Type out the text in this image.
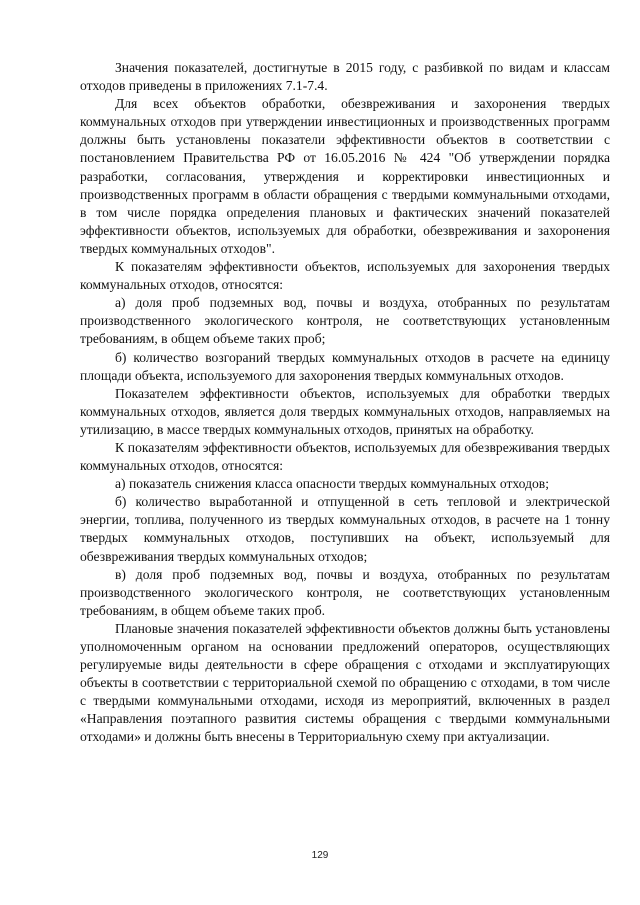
Значения показателей, достигнутые в 2015 году, с разбивкой по видам и классам отходов приведены в приложениях 7.1-7.4.

Для всех объектов обработки, обезвреживания и захоронения твердых коммунальных отходов при утверждении инвестиционных и производственных программ должны быть установлены показатели эффективности объектов в соответствии с постановлением Правительства РФ от 16.05.2016 № 424 "Об утверждении порядка разработки, согласования, утверждения и корректировки инвестиционных и производственных программ в области обращения с твердыми коммунальными отходами, в том числе порядка определения плановых и фактических значений показателей эффективности объектов, используемых для обработки, обезвреживания и захоронения твердых коммунальных отходов".

К показателям эффективности объектов, используемых для захоронения твердых коммунальных отходов, относятся:

а) доля проб подземных вод, почвы и воздуха, отобранных по результатам производственного экологического контроля, не соответствующих установленным требованиям, в общем объеме таких проб;

б) количество возгораний твердых коммунальных отходов в расчете на единицу площади объекта, используемого для захоронения твердых коммунальных отходов.

Показателем эффективности объектов, используемых для обработки твердых коммунальных отходов, является доля твердых коммунальных отходов, направляемых на утилизацию, в массе твердых коммунальных отходов, принятых на обработку.

К показателям эффективности объектов, используемых для обезвреживания твердых коммунальных отходов, относятся:

а) показатель снижения класса опасности твердых коммунальных отходов;

б) количество выработанной и отпущенной в сеть тепловой и электрической энергии, топлива, полученного из твердых коммунальных отходов, в расчете на 1 тонну твердых коммунальных отходов, поступивших на объект, используемый для обезвреживания твердых коммунальных отходов;

в) доля проб подземных вод, почвы и воздуха, отобранных по результатам производственного экологического контроля, не соответствующих установленным требованиям, в общем объеме таких проб.

Плановые значения показателей эффективности объектов должны быть установлены уполномоченным органом на основании предложений операторов, осуществляющих регулируемые виды деятельности в сфере обращения с отходами и эксплуатирующих объекты в соответствии с территориальной схемой по обращению с отходами, в том числе с твердыми коммунальными отходами, исходя из мероприятий, включенных в раздел «Направления поэтапного развития системы обращения с твердыми коммунальными отходами» и должны быть внесены в Территориальную схему при актуализации.

129
